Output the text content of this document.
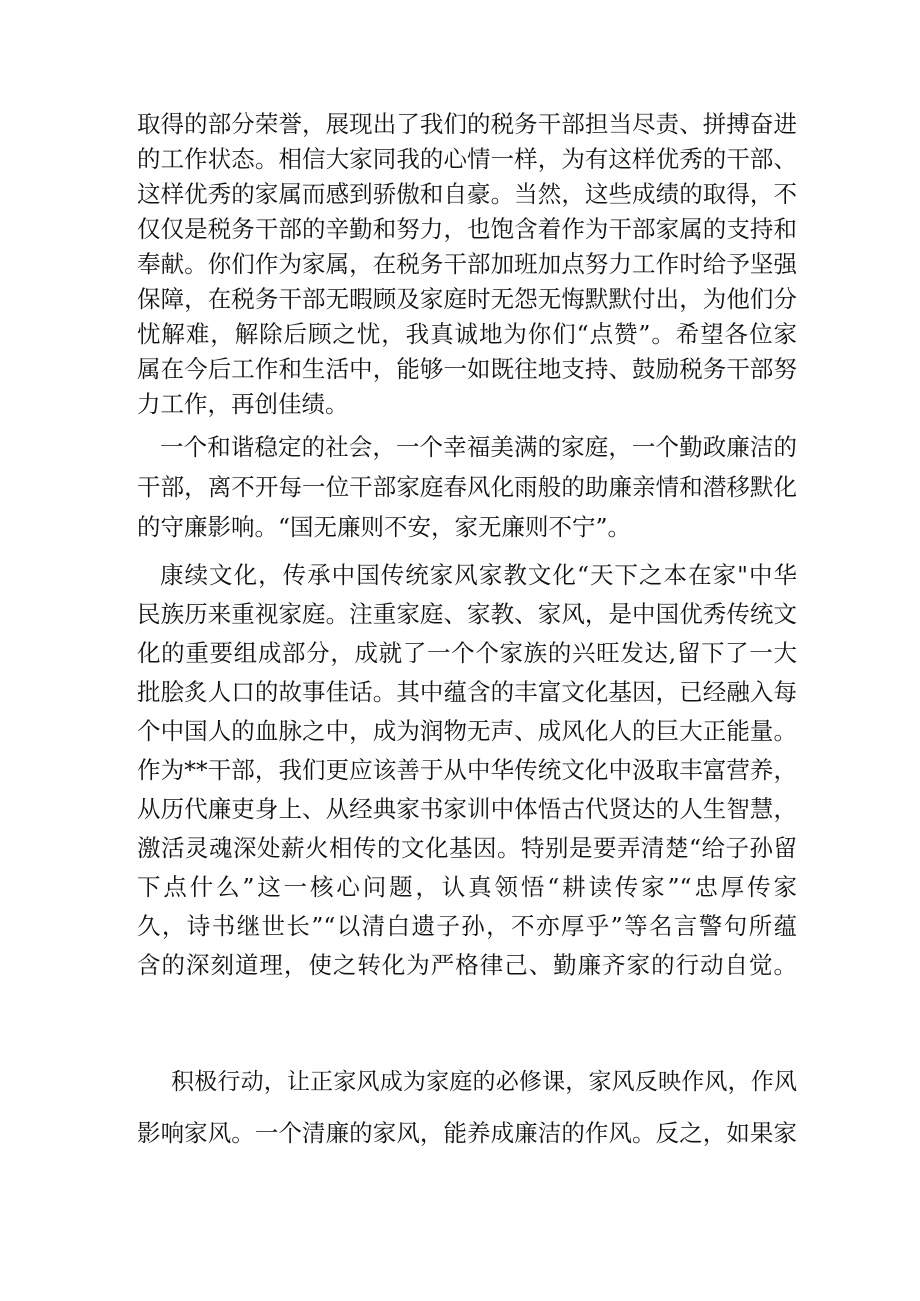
取得的部分荣誉，展现出了我们的税务干部担当尽责、拼搏奋进
的工作状态。相信大家同我的心情一样，为有这样优秀的干部、
这样优秀的家属而感到骄傲和自豪。当然，这些成绩的取得，不
仅仅是税务干部的辛勤和努力，也饱含着作为干部家属的支持和
奉献。你们作为家属，在税务干部加班加点努力工作时给予坚强
保障，在税务干部无暇顾及家庭时无怨无悔默默付出，为他们分
忧解难，解除后顾之忧，我真诚地为你们“点赞”。希望各位家
属在今后工作和生活中，能够一如既往地支持、鼓励税务干部努
力工作，再创佳绩。
一个和谐稳定的社会，一个幸福美满的家庭，一个勤政廉洁的
干部，离不开每一位干部家庭春风化雨般的助廉亲情和潜移默化
的守廉影响。“国无廉则不安，家无廉则不宁”。
康续文化，传承中国传统家风家教文化“天下之本在家"中华
民族历来重视家庭。注重家庭、家教、家风，是中国优秀传统文
化的重要组成部分，成就了一个个家族的兴旺发达,留下了一大
批脍炙人口的故事佳话。其中蕴含的丰富文化基因，已经融入每
个中国人的血脉之中，成为润物无声、成风化人的巨大正能量。
作为**干部，我们更应该善于从中华传统文化中汲取丰富营养，
从历代廉吏身上、从经典家书家训中体悟古代贤达的人生智慧，
激活灵魂深处薪火相传的文化基因。特别是要弄清楚“给子孙留
下点什么”这一核心问题，认真领悟“耕读传家”“忠厚传家
久，诗书继世长”“以清白遗子孙，不亦厚乎”等名言警句所蕴
含的深刻道理，使之转化为严格律己、勤廉齐家的行动自觉。
积极行动，让正家风成为家庭的必修课，家风反映作风，作风
影响家风。一个清廉的家风，能养成廉洁的作风。反之，如果家
